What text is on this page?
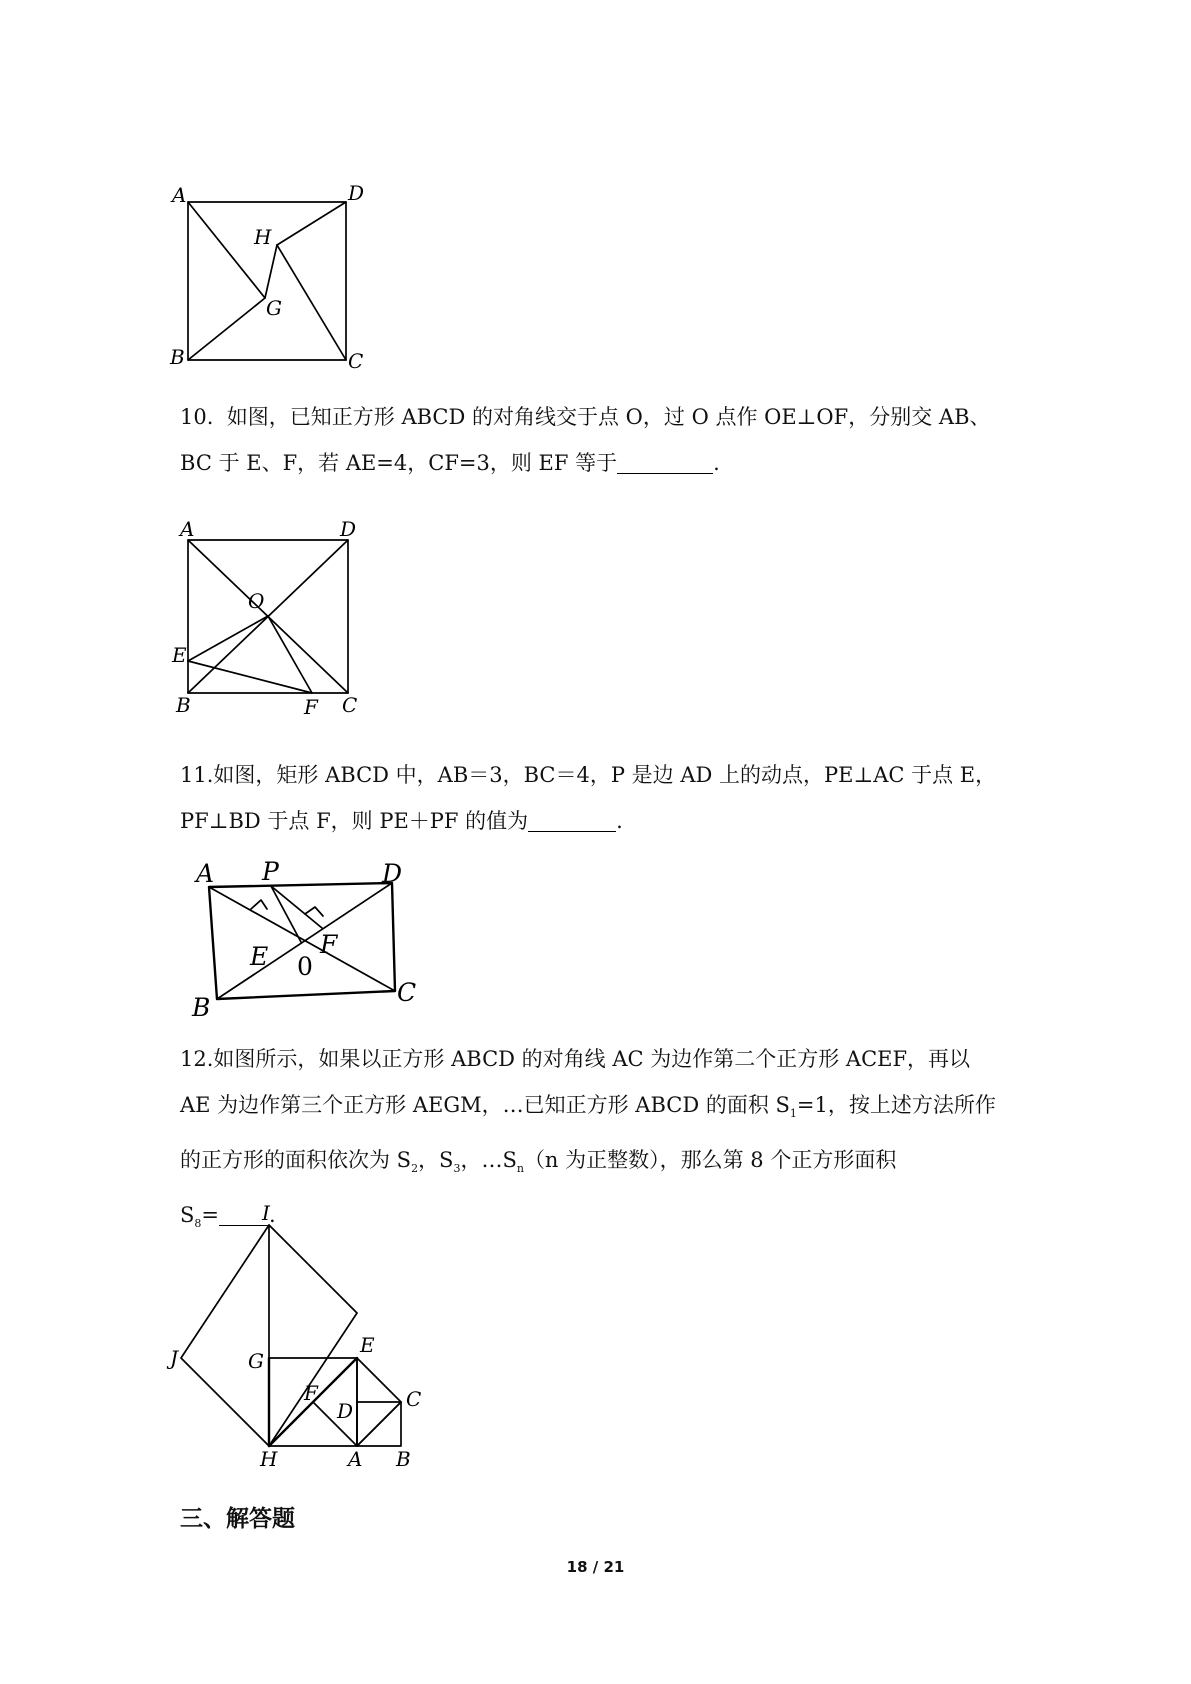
A	D
H
G
B	C
10. 如图，已知正方形 ABCD 的对角线交于点 O，过 O 点作 OE⊥OF，分别交 AB、
BC 于 E、F，若 AE=4，CF=3，则 EF 等于	.
A	D
O
E
B	F C
11.如图，矩形 ABCD 中，AB＝3，BC＝4，P 是边 AD 上的动点，PE⊥AC 于点 E，
PF⊥BD 于点 F，则 PE＋PF 的值为	.
A P	D
E F
0
B
C
12.如图所示，如果以正方形 ABCD 的对角线 AC 为边作第二个正方形 ACEF，再以
AE 为边作第三个正方形 AEGM，…已知正方形 ABCD 的面积 $S_1=1$，按上述方法所作
的正方形的面积依次为 $S_2$，$S_3$，$\dots S_n(n$ 为正整数），那么第 8 个正方形面积
$S_8=$ .
I
J	G
E
F
D	C
H	A B
三、解答题
18 / 21
